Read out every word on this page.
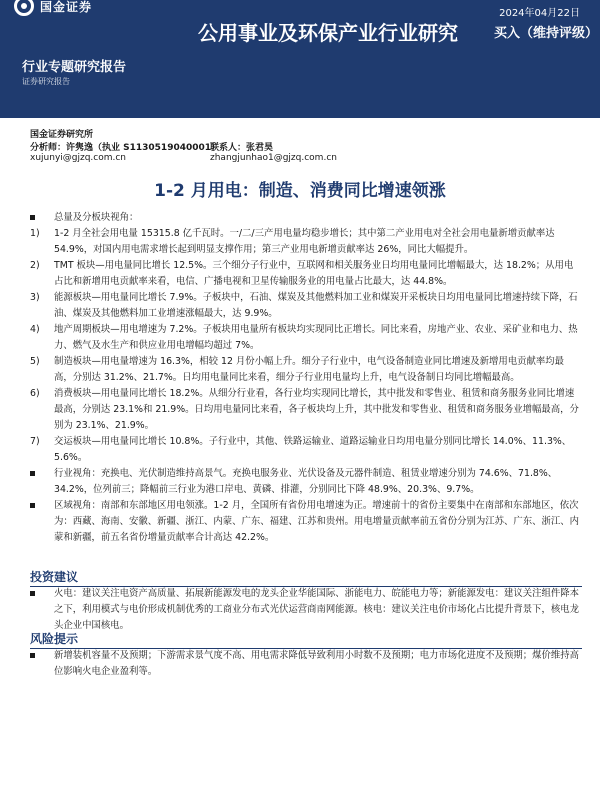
国金证券
公用事业及环保产业行业研究
行业专题研究报告
证券研究报告
2024年04月22日
买入（维持评级）
国金证券研究所
分析师：许隽逸（执业 S1130519040001）
xujunyi@gjzq.com.cn
联系人：张君昊
zhangjunhao1@gjzq.com.cn
1-2 月用电：制造、消费同比增速领涨
总量及分板块视角：
1)	1-2 月全社会用电量 15315.8 亿千瓦时。一/二/三产用电量均稳步增长；其中第二产业用电对全社会用电量新增贡献率达 54.9%，对国内用电需求增长起到明显支撑作用；第三产业用电新增贡献率达 26%，同比大幅提升。
2)	TMT 板块—用电量同比增长 12.5%。三个细分子行业中，互联网和相关服务业日均用电量同比增幅最大，达 18.2%；从用电占比和新增用电贡献率来看，电信、广播电视和卫星传输服务业的用电量占比最大，达 44.8%。
3)	能源板块—用电量同比增长 7.9%。子板块中，石油、煤炭及其他燃料加工业和煤炭开采板块日均用电量同比增速持续下降，石油、煤炭及其他燃料加工业增速涨幅最大，达 9.9%。
4)	地产周期板块—用电增速为 7.2%。子板块用电量所有板块均实现同比正增长。同比来看，房地产业、农业、采矿业和电力、热力、燃气及水生产和供应业用电增幅均超过 7%。
5)	制造板块—用电量增速为 16.3%，相较 12 月份小幅上升。细分子行业中，电气设备制造业同比增速及新增用电贡献率均最高，分别达 31.2%、21.7%。日均用电量同比来看，细分子行业用电量均上升，电气设备制日均同比增幅最高。
6)	消费板块—用电量同比增长 18.2%。从细分行业看，各行业均实现同比增长，其中批发和零售业、租赁和商务服务业同比增速最高，分别达 23.1%和 21.9%。日均用电量同比来看，各子板块均上升，其中批发和零售业、租赁和商务服务业增幅最高，分别为 23.1%、21.9%。
7)	交运板块—用电量同比增长 10.8%。子行业中，其他、铁路运输业、道路运输业日均用电量分别同比增长 14.0%、11.3%、5.6%。
行业视角：充换电、光伏制造维持高景气。充换电服务业、光伏设备及元器件制造、租赁业增速分别为 74.6%、71.8%、34.2%，位列前三；降幅前三行业为港口岸电、黄磷、排灌，分别同比下降 48.9%、20.3%、9.7%。
区域视角：南部和东部地区用电领涨。1-2 月，全国所有省份用电增速为正。增速前十的省份主要集中在南部和东部地区，依次为：西藏、海南、安徽、新疆、浙江、内蒙、广东、福建、江苏和贵州。用电增量贡献率前五省份分别为江苏、广东、浙江、内蒙和新疆，前五名省份增量贡献率合计高达 42.2%。
投资建议
火电：建议关注电资产高质量、拓展新能源发电的龙头企业华能国际、浙能电力、皖能电力等；新能源发电：建议关注组件降本之下，利用模式与电价形成机制优秀的工商业分布式光伏运营商南网能源。核电：建议关注电价市场化占比提升背景下，核电龙头企业中国核电。
风险提示
新增装机容量不及预期；下游需求景气度不高、用电需求降低导致利用小时数不及预期；电力市场化进度不及预期；煤价维持高位影响火电企业盈利等。
